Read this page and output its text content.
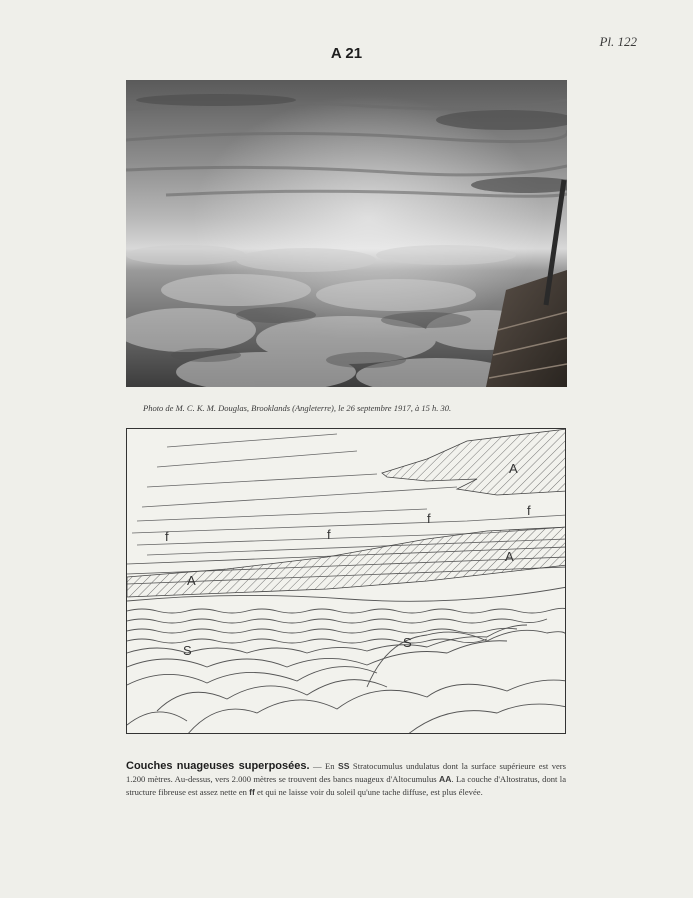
Pl. 122
A 21
Photo de M. C. K. M. Douglas, Brooklands (Angleterre), le 26 septembre 1917, à 15 h. 30.
A
A
A
f	f
f
f
S
S
Couches nuageuses superposées. — En SS Stratocumulus undulatus dont la surface supérieure est vers 1.200 mètres. Au-dessus, vers 2.000 mètres se trouvent des bancs nuageux d'Altocumulus AA. La couche d'Altostratus, dont la structure fibreuse est assez nette en ff et qui ne laisse voir du soleil qu'une tache diffuse, est plus élevée.
